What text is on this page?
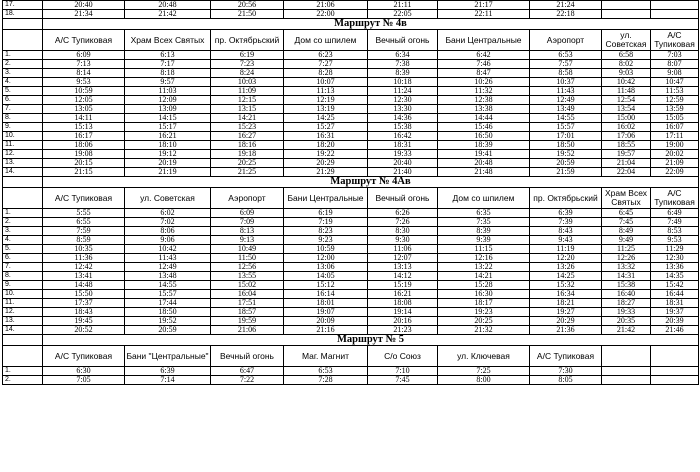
17.	20:40	20:48	20:56	21:06	21:11	21:17	21:24		
18.	21:34	21:42	21:50	22:00	22:05	22:11	22:18		
	Маршрут № 4в								
	А/С Тупиковая	Храм Всех Святых	пр. Октябрьский	Дом со шпилем	Вечный огонь	Бани Центральные	Аэропорт	ул. Советская	А/С Тупиковая
1.	6:09	6:13	6:19	6:23	6:34	6:42	6:53	6:58	7:03
2.	7:13	7:17	7:23	7:27	7:38	7:46	7:57	8:02	8:07
3.	8:14	8:18	8:24	8:28	8:39	8:47	8:58	9:03	9:08
4.	9:53	9:57	10:03	10:07	10:18	10:26	10:37	10:42	10:47
5.	10:59	11:03	11:09	11:13	11:24	11:32	11:43	11:48	11:53
6.	12:05	12:09	12:15	12:19	12:30	12:38	12:49	12:54	12:59
7.	13:05	13:09	13:15	13:19	13:30	13:38	13:49	13:54	13:59
8.	14:11	14:15	14:21	14:25	14:36	14:44	14:55	15:00	15:05
9.	15:13	15:17	15:23	15:27	15:38	15:46	15:57	16:02	16:07
10.	16:17	16:21	16:27	16:31	16:42	16:50	17:01	17:06	17:11
11.	18:06	18:10	18:16	18:20	18:31	18:39	18:50	18:55	19:00
12.	19:08	19:12	19:18	19:22	19:33	19:41	19:52	19:57	20:02
13.	20:15	20:19	20:25	20:29	20:40	20:48	20:59	21:04	21:09
14.	21:15	21:19	21:25	21:29	21:40	21:48	21:59	22:04	22:09
	Маршрут № 4Ав								
	А/С Тупиковая	ул. Советская	Аэропорт	Бани Центральные	Вечный огонь	Дом со шпилем	пр. Октябрьский	Храм Всех Святых	А/С Тупиковая
1.	5:55	6:02	6:09	6:19	6:26	6:35	6:39	6:45	6:49
2.	6:55	7:02	7:09	7:19	7:26	7:35	7:39	7:45	7:49
3.	7:59	8:06	8:13	8:23	8:30	8:39	8:43	8:49	8:53
4.	8:59	9:06	9:13	9:23	9:30	9:39	9:43	9:49	9:53
5.	10:35	10:42	10:49	10:59	11:06	11:15	11:19	11:25	11:29
6.	11:36	11:43	11:50	12:00	12:07	12:16	12:20	12:26	12:30
7.	12:42	12:49	12:56	13:06	13:13	13:22	13:26	13:32	13:36
8.	13:41	13:48	13:55	14:05	14:12	14:21	14:25	14:31	14:35
9.	14:48	14:55	15:02	15:12	15:19	15:28	15:32	15:38	15:42
10.	15:50	15:57	16:04	16:14	16:21	16:30	16:34	16:40	16:44
11.	17:37	17:44	17:51	18:01	18:08	18:17	18:21	18:27	18:31
12.	18:43	18:50	18:57	19:07	19:14	19:23	19:27	19:33	19:37
13.	19:45	19:52	19:59	20:09	20:16	20:25	20:29	20:35	20:39
14.	20:52	20:59	21:06	21:16	21:23	21:32	21:36	21:42	21:46
	Маршрут № 5								
	А/С Тупиковая	Бани "Центральные"	Вечный огонь	Маг. Магнит	С/о Союз	ул. Ключевая	А/С Тупиковая		
1.	6:30	6:39	6:47	6:53	7:10	7:25	7:30		
2.	7:05	7:14	7:22	7:28	7:45	8:00	8:05		
